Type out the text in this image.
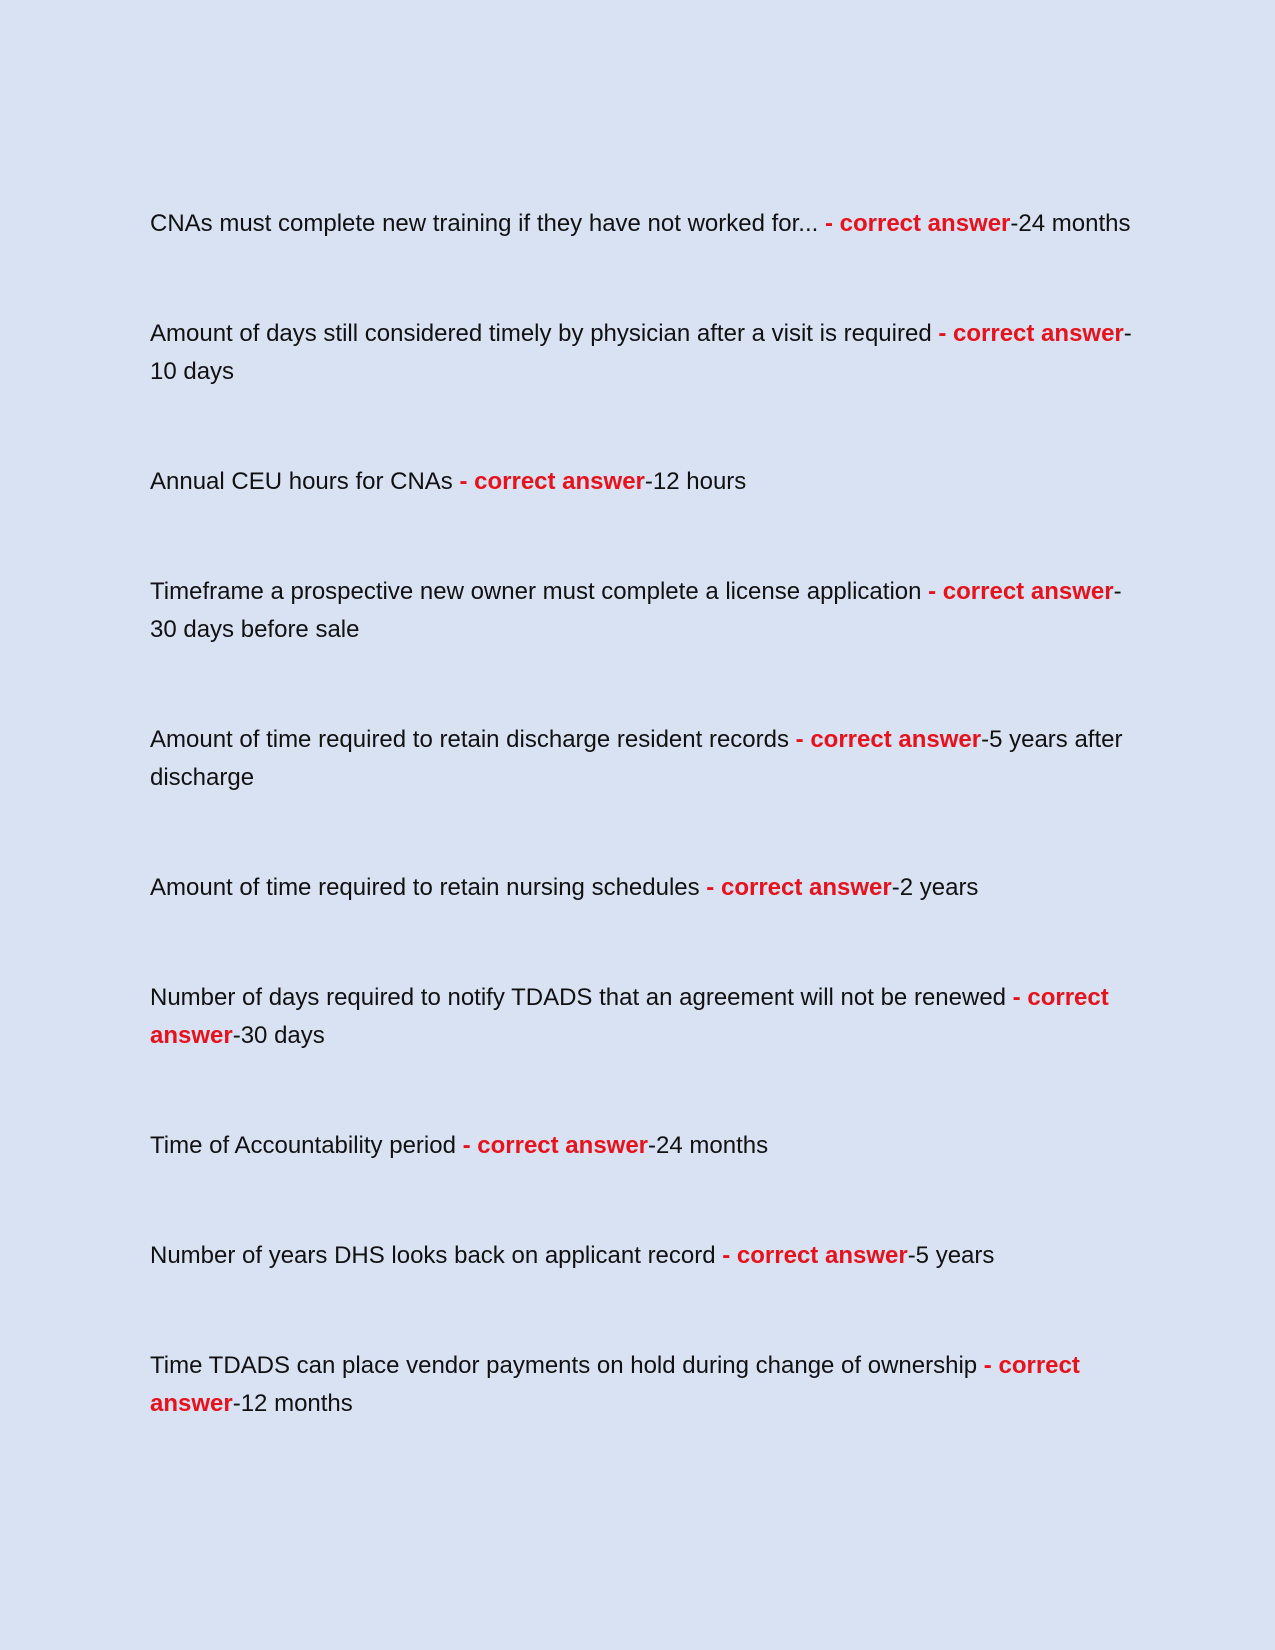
CNAs must complete new training if they have not worked for... - correct answer-24 months

Amount of days still considered timely by physician after a visit is required - correct answer-10 days

Annual CEU hours for CNAs - correct answer-12 hours

Timeframe a prospective new owner must complete a license application - correct answer-30 days before sale

Amount of time required to retain discharge resident records - correct answer-5 years after discharge

Amount of time required to retain nursing schedules - correct answer-2 years

Number of days required to notify TDADS that an agreement will not be renewed - correct answer-30 days

Time of Accountability period - correct answer-24 months

Number of years DHS looks back on applicant record - correct answer-5 years

Time TDADS can place vendor payments on hold during change of ownership - correct answer-12 months
